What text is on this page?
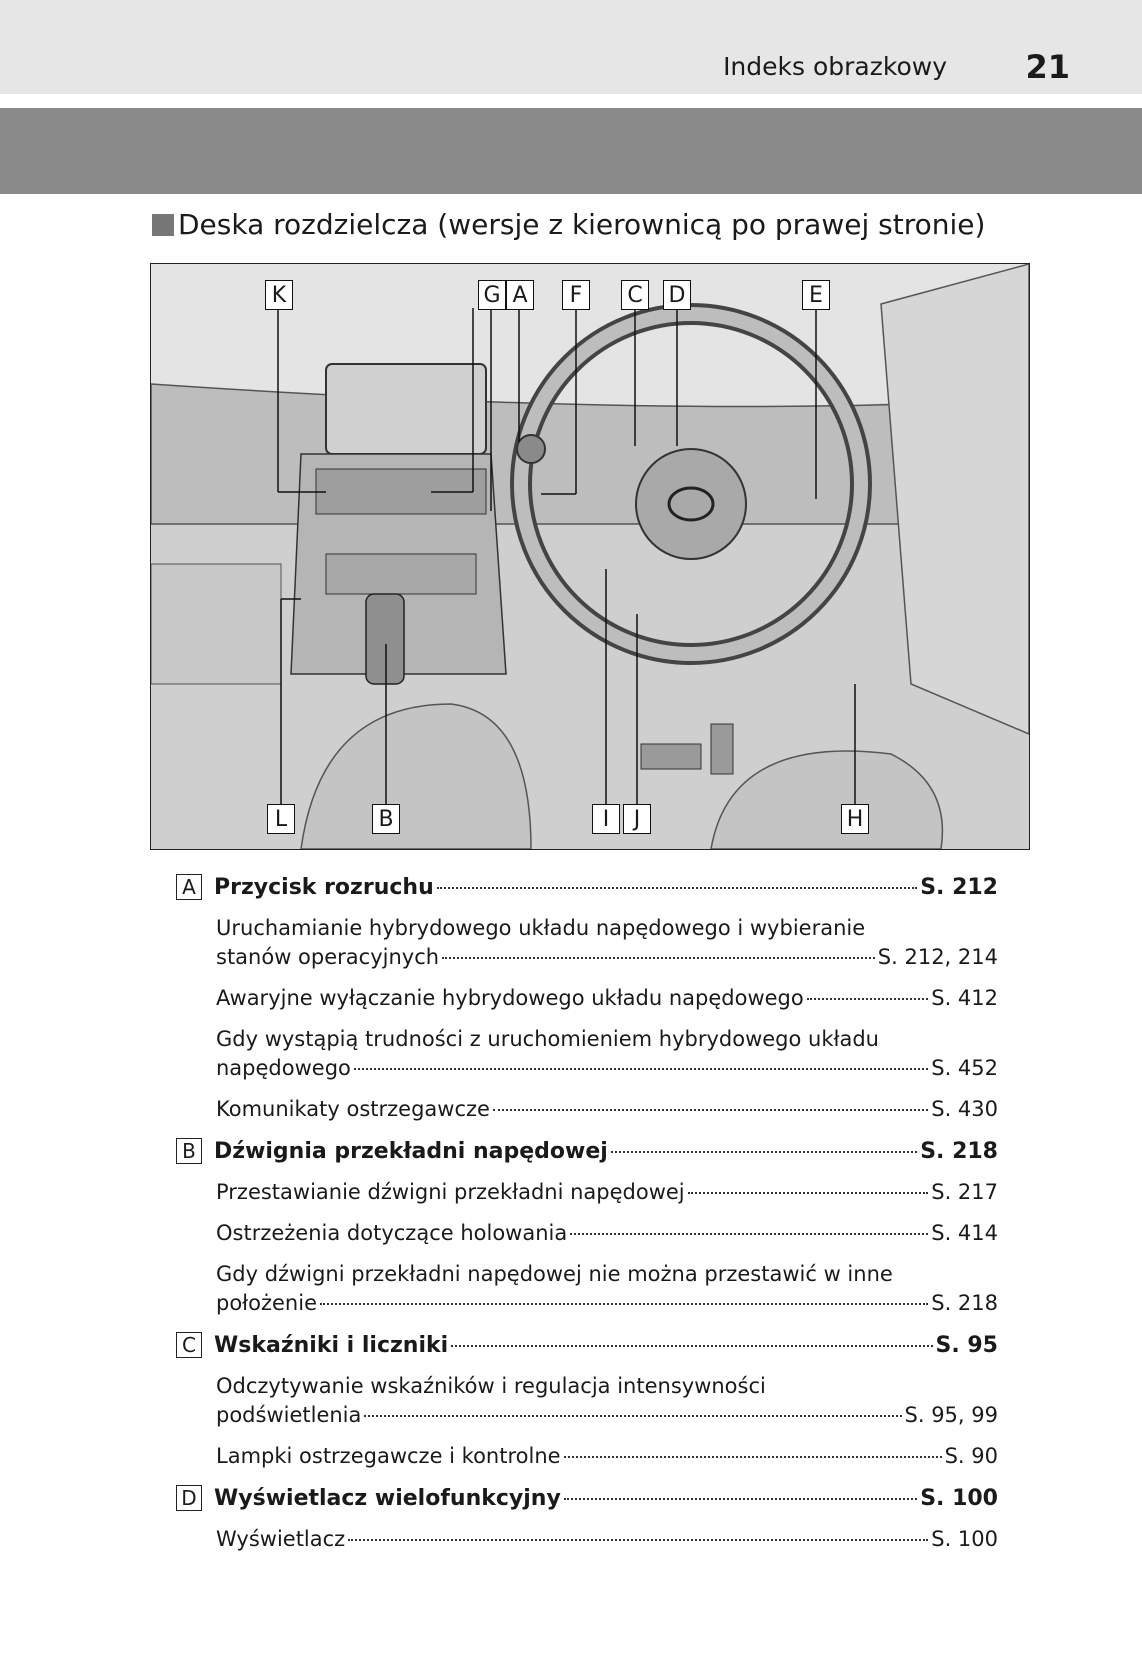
Indeks obrazkowy 21
Deska rozdzielcza (wersje z kierownicą po prawej stronie)
K	G A F C D	E
L	B	I J	H
A Przycisk rozruchu	S. 212
Uruchamianie hybrydowego układu napędowego i wybieranie
stanów operacyjnych	S. 212, 214
Awaryjne wyłączanie hybrydowego układu napędowego	S. 412
Gdy wystąpią trudności z uruchomieniem hybrydowego układu
napędowego	S. 452
Komunikaty ostrzegawcze	S. 430
B Dźwignia przekładni napędowej	S. 218
Przestawianie dźwigni przekładni napędowej	S. 217
Ostrzeżenia dotyczące holowania	S. 414
Gdy dźwigni przekładni napędowej nie można przestawić w inne
położenie	S. 218
C Wskaźniki i liczniki	S. 95
Odczytywanie wskaźników i regulacja intensywności
podświetlenia	S. 95, 99
Lampki ostrzegawcze i kontrolne	S. 90
D Wyświetlacz wielofunkcyjny	S. 100
Wyświetlacz	S. 100
